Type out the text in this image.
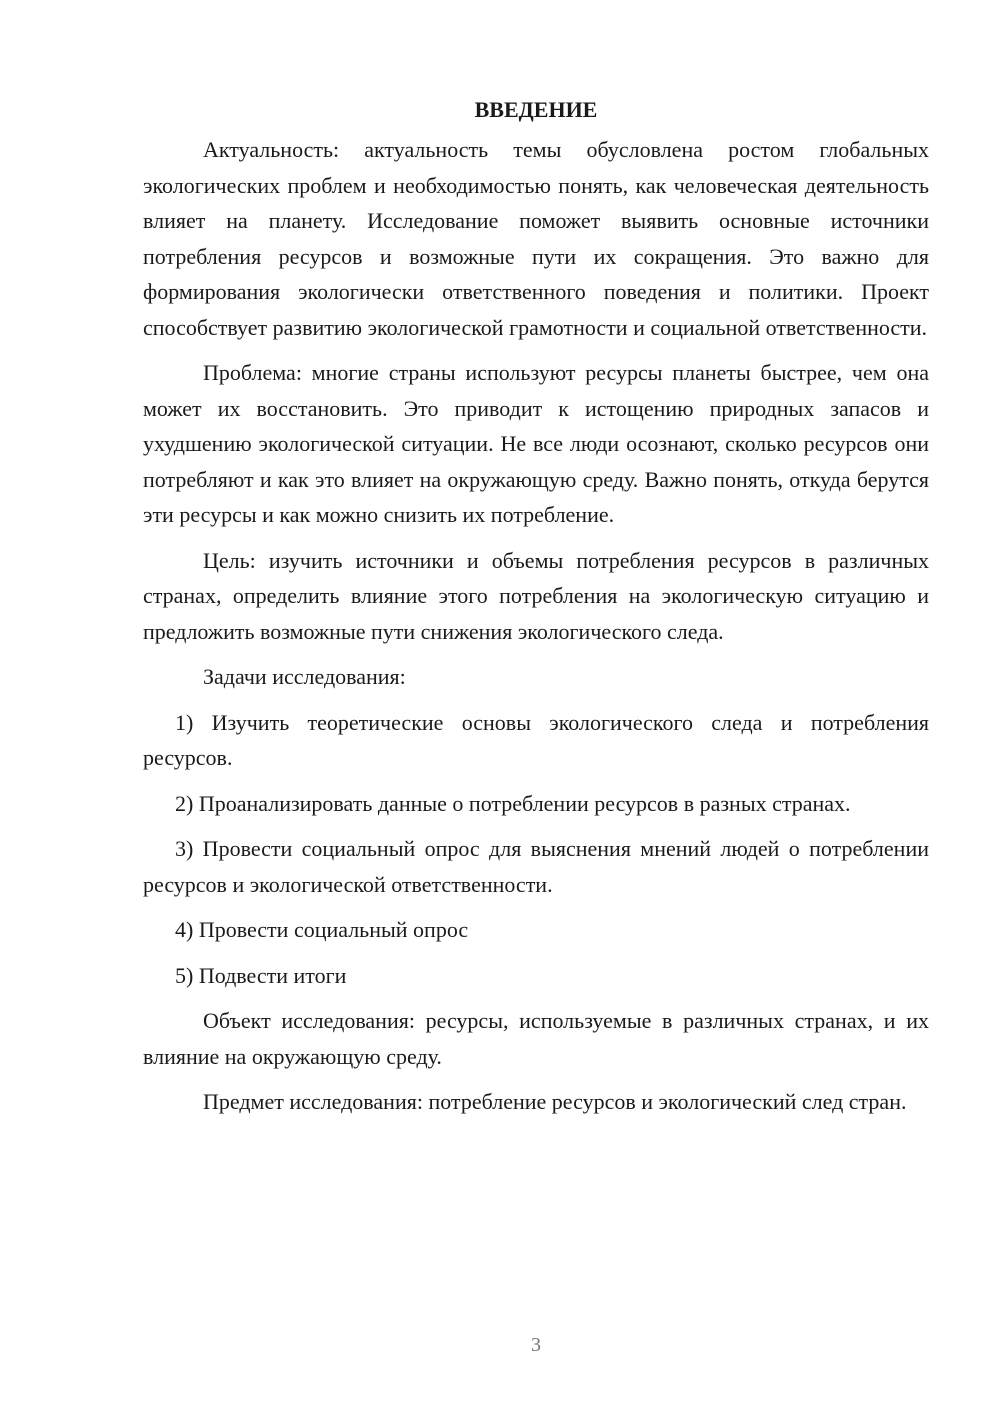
ВВЕДЕНИЕ

Актуальность: актуальность темы обусловлена ростом глобальных экологических проблем и необходимостью понять, как человеческая деятельность влияет на планету. Исследование поможет выявить основные источники потребления ресурсов и возможные пути их сокращения. Это важно для формирования экологически ответственного поведения и политики. Проект способствует развитию экологической грамотности и социальной ответственности.

Проблема: многие страны используют ресурсы планеты быстрее, чем она может их восстановить. Это приводит к истощению природных запасов и ухудшению экологической ситуации. Не все люди осознают, сколько ресурсов они потребляют и как это влияет на окружающую среду. Важно понять, откуда берутся эти ресурсы и как можно снизить их потребление.

Цель: изучить источники и объемы потребления ресурсов в различных странах, определить влияние этого потребления на экологическую ситуацию и предложить возможные пути снижения экологического следа.

Задачи исследования:

1) Изучить теоретические основы экологического следа и потребления ресурсов.

2) Проанализировать данные о потреблении ресурсов в разных странах.

3) Провести социальный опрос для выяснения мнений людей о потреблении ресурсов и экологической ответственности.

4) Провести социальный опрос

5) Подвести итоги

Объект исследования: ресурсы, используемые в различных странах, и их влияние на окружающую среду.

Предмет исследования: потребление ресурсов и экологический след стран.

3
